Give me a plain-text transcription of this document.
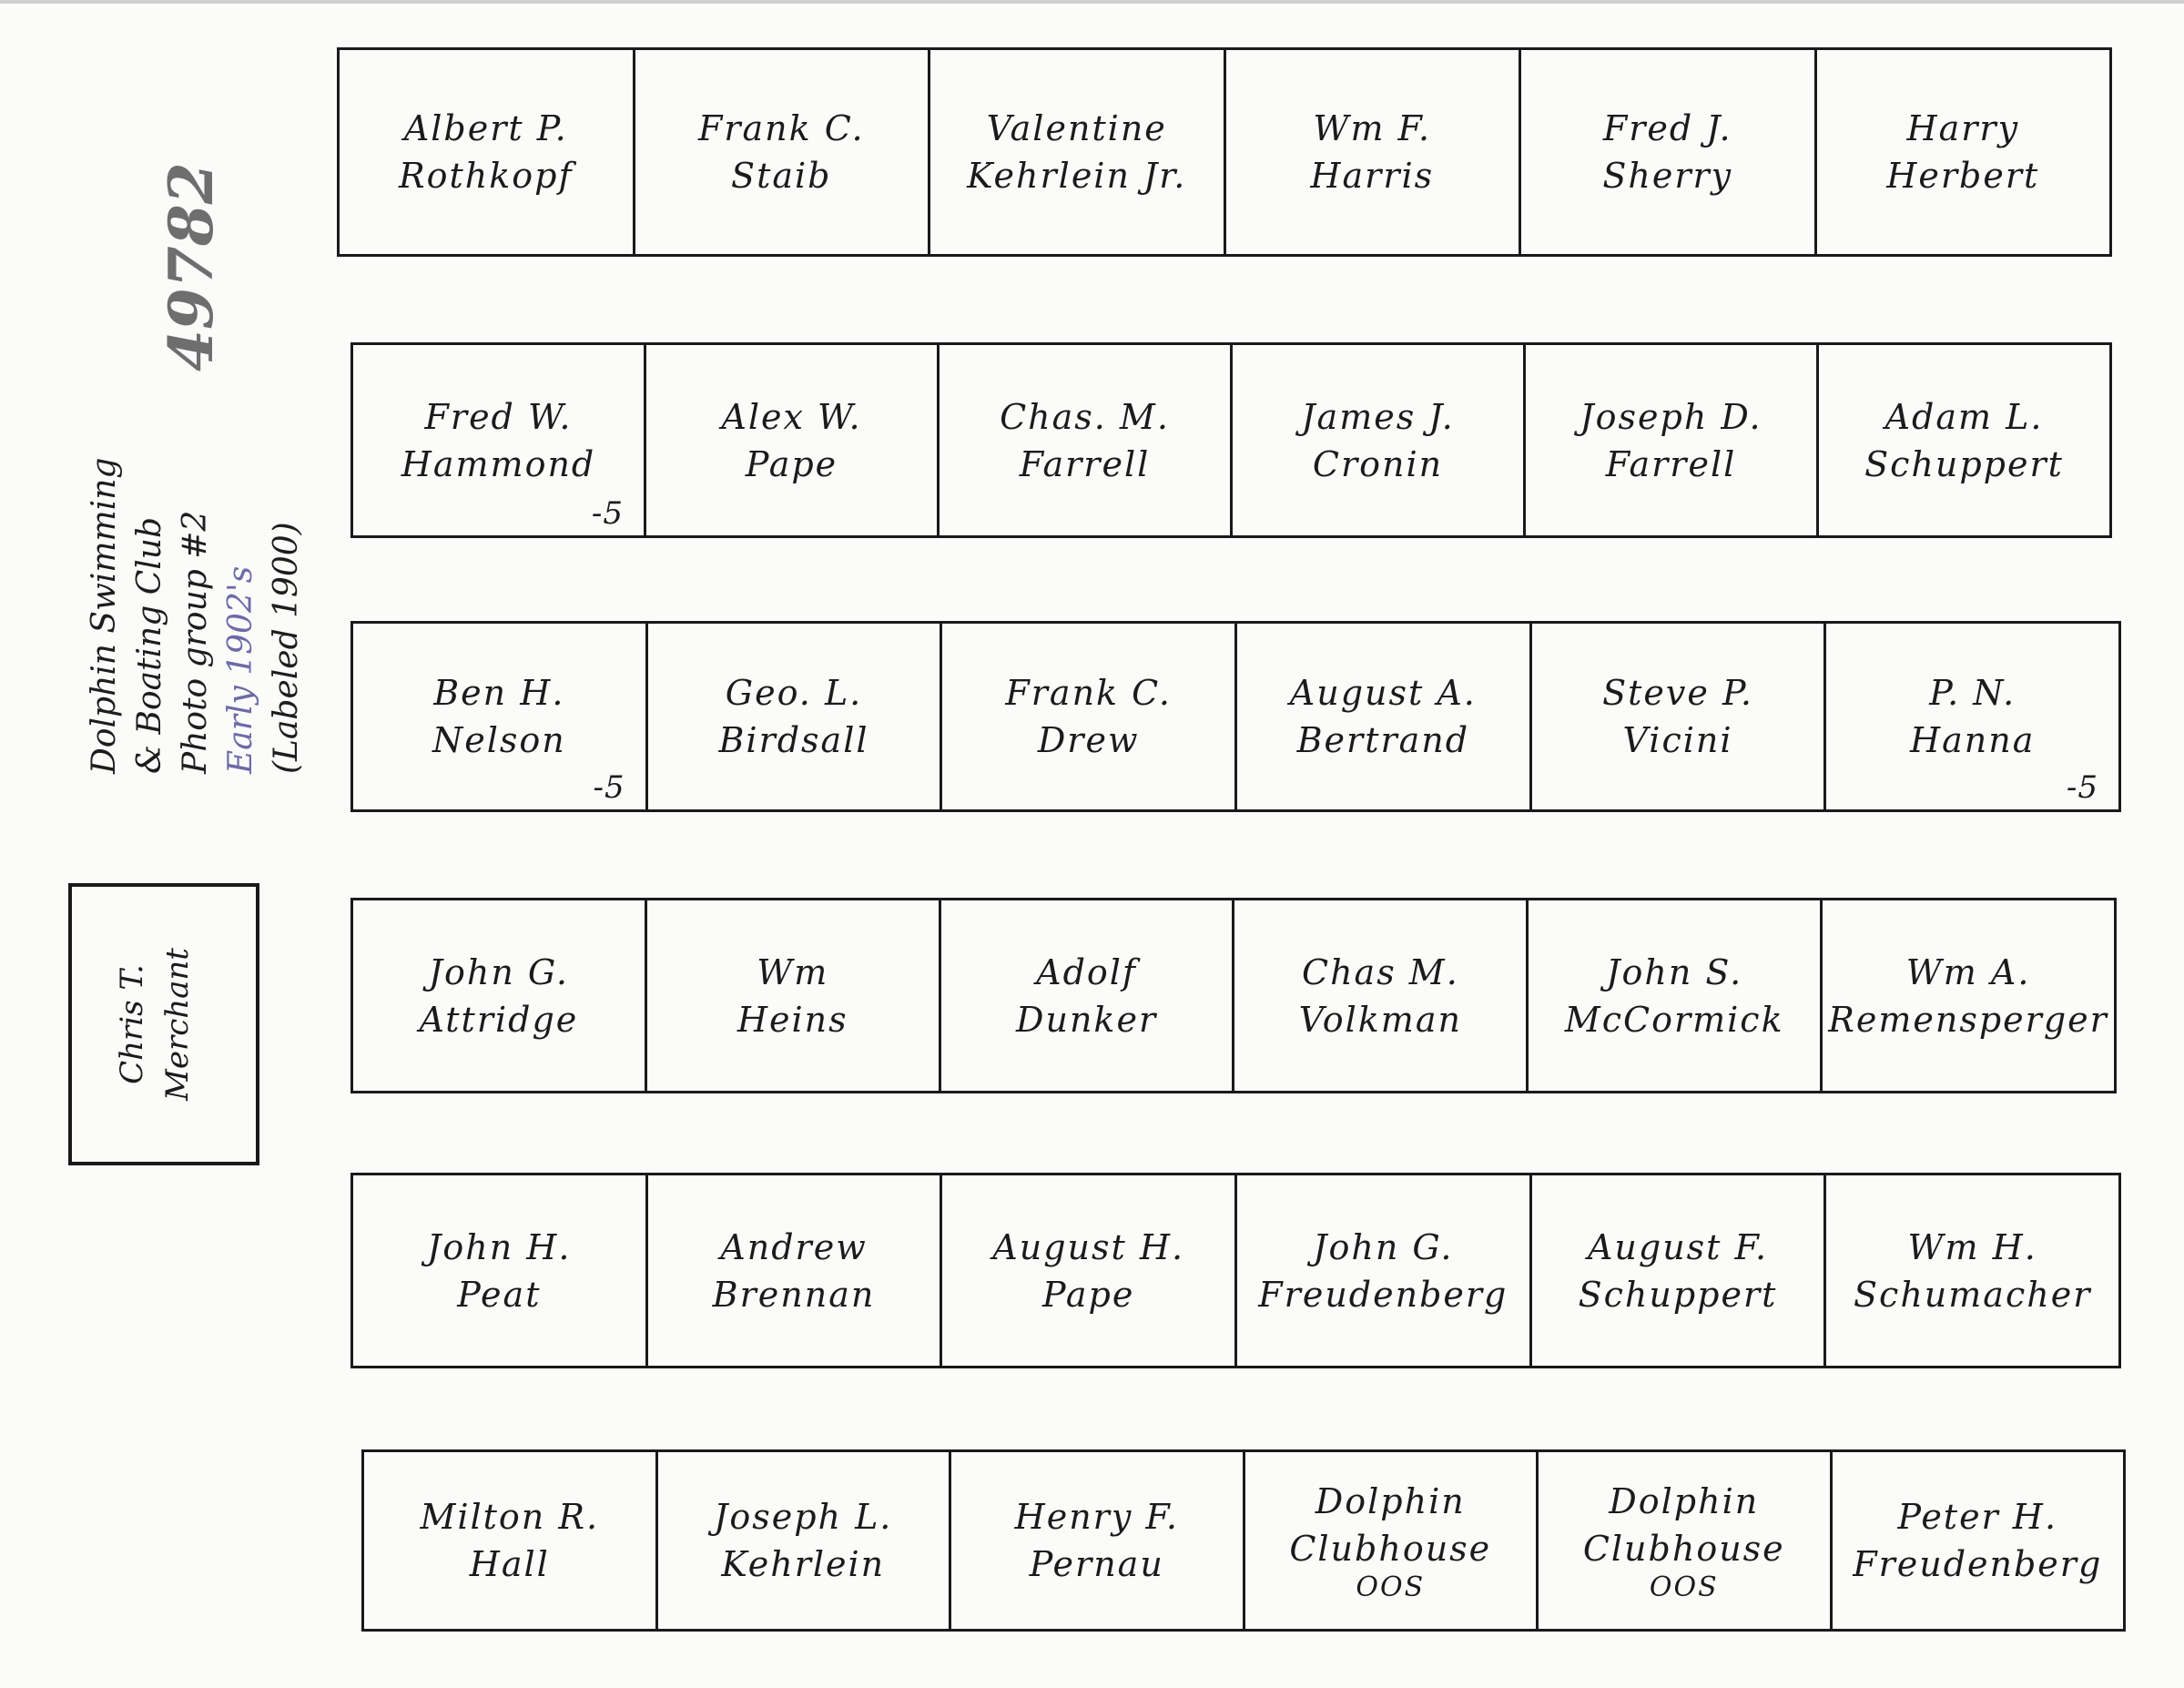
Dolphin Swimming & Boating Club Photo group #2 Early 1902's (Labeled 1900)
49782
Chris T. Merchant
Albert P.
Rothkopf
Frank C.
Staib
Valentine
Kehrlein Jr.
Wm F.
Harris
Fred J.
Sherry
Harry
Herbert
Fred W.
Hammond
-5
Alex W.
Pape
Chas. M.
Farrell
James J.
Cronin
Joseph D.
Farrell
Adam L.
Schuppert
Ben H.
Nelson
-5
Geo. L.
Birdsall
Frank C.
Drew
August A.
Bertrand
Steve P.
Vicini
P. N.
Hanna
-5
John G.
Attridge
Wm
Heins
Adolf
Dunker
Chas M.
Volkman
John S.
McCormick
Wm A.
Remensperger
John H.
Peat
Andrew
Brennan
August H.
Pape
John G.
Freudenberg
August F.
Schuppert
Wm H.
Schumacher
Milton R.
Hall
Joseph L.
Kehrlein
Henry F.
Pernau
Dolphin
Clubhouse
OOS
Dolphin
Clubhouse
OOS
Peter H.
Freudenberg
